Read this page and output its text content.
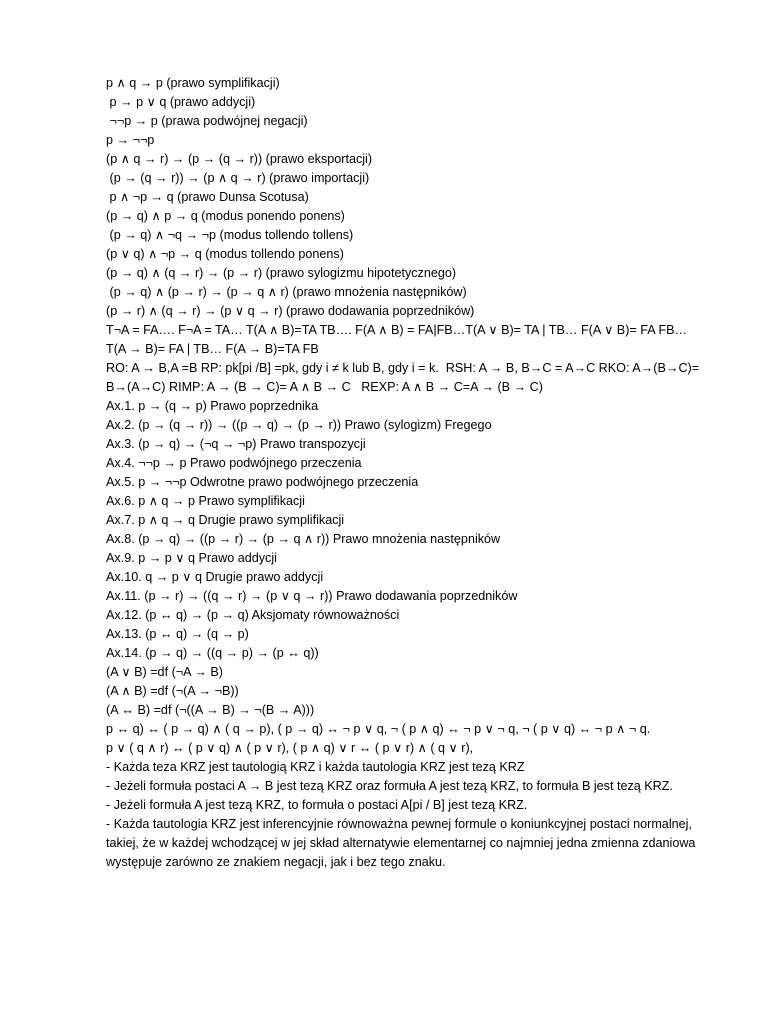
p ∧ q → p (prawo symplifikacji)
p → p ∨ q (prawo addycji)
¬¬p → p (prawa podwójnej negacji)
p → ¬¬p
(p ∧ q → r) → (p → (q → r)) (prawo eksportacji)
(p → (q → r)) → (p ∧ q → r) (prawo importacji)
p ∧ ¬p → q (prawo Dunsa Scotusa)
(p → q) ∧ p → q (modus ponendo ponens)
(p → q) ∧ ¬q → ¬p (modus tollendo tollens)
(p ∨ q) ∧ ¬p → q (modus tollendo ponens)
(p → q) ∧ (q → r) → (p → r) (prawo sylogizmu hipotetycznego)
(p → q) ∧ (p → r) → (p → q ∧ r) (prawo mnożenia następników)
(p → r) ∧ (q → r) → (p ∨ q → r) (prawo dodawania poprzedników)
T¬A = FA…. F¬A = TA… T(A ∧ B)=TA TB…. F(A ∧ B) = FA|FB…T(A ∨ B)= TA | TB… F(A ∨ B)= FA FB…
T(A → B)= FA | TB… F(A → B)=TA FB
RO: A → B,A =B RP: pk[pi /B] =pk, gdy i ≠ k lub B, gdy i = k.  RSH: A → B, B→C = A→C RKO: A→(B→C)=
B→(A→C) RIMP: A → (B → C)= A ∧ B → C   REXP: A ∧ B → C=A → (B → C)
Ax.1. p → (q → p) Prawo poprzednika
Ax.2. (p → (q → r)) → ((p → q) → (p → r)) Prawo (sylogizm) Fregego
Ax.3. (p → q) → (¬q → ¬p) Prawo transpozycji
Ax.4. ¬¬p → p Prawo podwójnego przeczenia
Ax.5. p → ¬¬p Odwrotne prawo podwójnego przeczenia
Ax.6. p ∧ q → p Prawo symplifikacji
Ax.7. p ∧ q → q Drugie prawo symplifikacji
Ax.8. (p → q) → ((p → r) → (p → q ∧ r)) Prawo mnożenia następników
Ax.9. p → p ∨ q Prawo addycji
Ax.10. q → p ∨ q Drugie prawo addycji
Ax.11. (p → r) → ((q → r) → (p ∨ q → r)) Prawo dodawania poprzedników
Ax.12. (p ↔ q) → (p → q) Aksjomaty równoważności
Ax.13. (p ↔ q) → (q → p)
Ax.14. (p → q) → ((q → p) → (p ↔ q))
(A ∨ B) =df (¬A → B)
(A ∧ B) =df (¬(A → ¬B))
(A ↔ B) =df (¬((A → B) → ¬(B → A)))
p ↔ q) ↔ ( p → q) ∧ ( q → p), ( p → q) ↔ ¬ p ∨ q, ¬ ( p ∧ q) ↔ ¬ p ∨ ¬ q, ¬ ( p ∨ q) ↔ ¬ p ∧ ¬ q.
p ∨ ( q ∧ r) ↔ ( p ∨ q) ∧ ( p ∨ r), ( p ∧ q) ∨ r ↔ ( p ∨ r) ∧ ( q ∨ r),
- Każda teza KRZ jest tautologią KRZ i każda tautologia KRZ jest tezą KRZ
- Jeżeli formuła postaci A → B jest tezą KRZ oraz formuła A jest tezą KRZ, to formuła B jest tezą KRZ.
- Jeżeli formuła A jest tezą KRZ, to formuła o postaci A[pi / B] jest tezą KRZ.
- Każda tautologia KRZ jest inferencyjnie równoważna pewnej formule o koniunkcyjnej postaci normalnej,
takiej, że w każdej wchodzącej w jej skład alternatywie elementarnej co najmniej jedna zmienna zdaniowa
występuje zarówno ze znakiem negacji, jak i bez tego znaku.
